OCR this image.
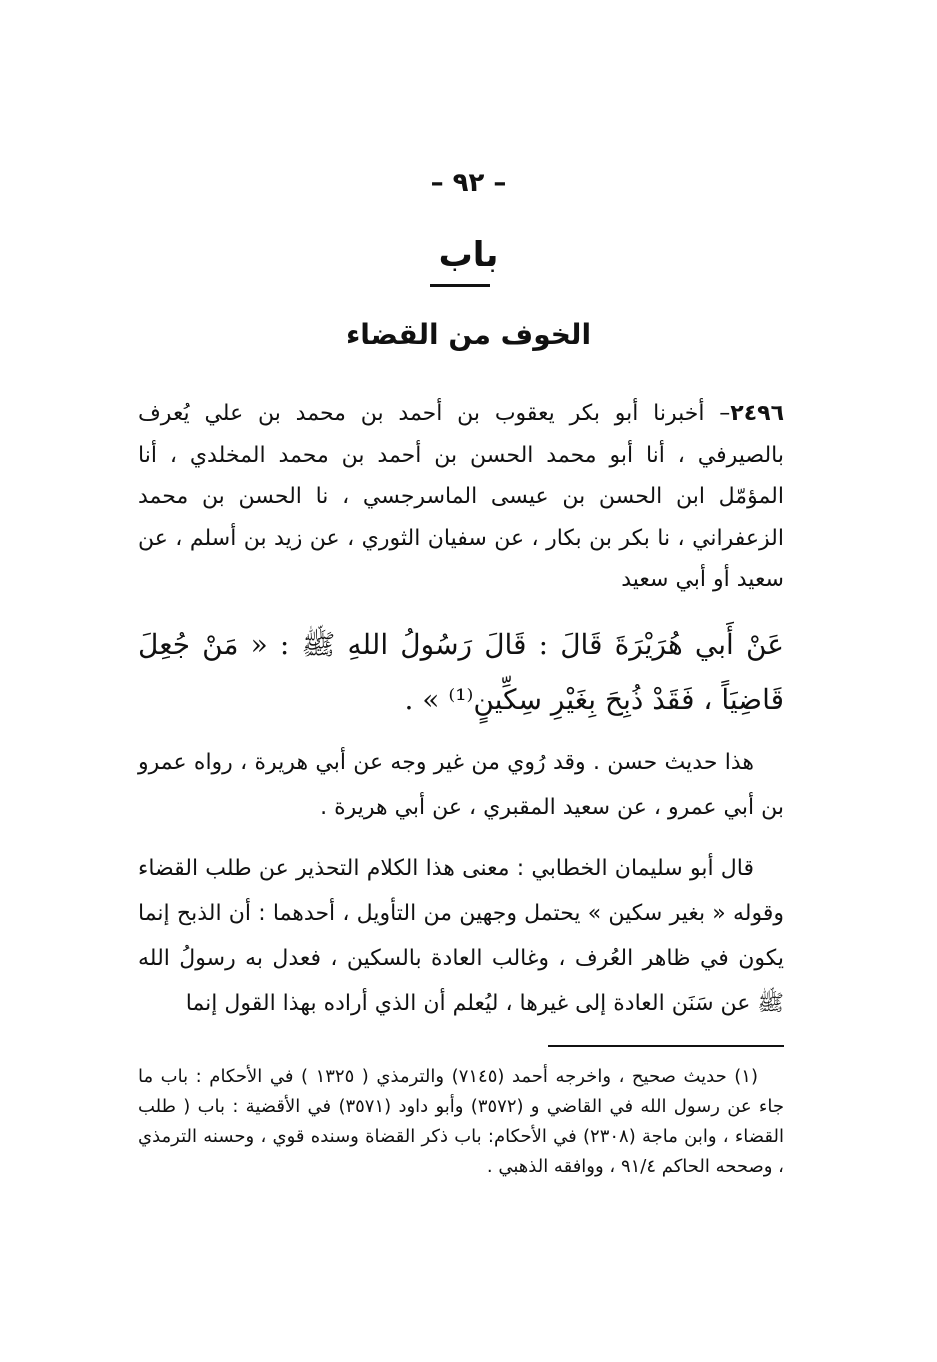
– ٩٢ –
باب
الخوف من القضاء

٢٤٩٦– أخبرنا أبو بكر يعقوب بن أحمد بن محمد بن علي يُعرف بالصيرفي ، أنا أبو محمد الحسن بن أحمد بن محمد المخلدي ، أنا المؤمّل ابن الحسن بن عيسى الماسرجسي ، نا الحسن بن محمد الزعفراني ، نا بكر بن بكار ، عن سفيان الثوري ، عن زيد بن أسلم ، عن سعيد أو أبي سعيد

عَنْ أَبي هُرَيْرَةَ قَالَ : قَالَ رَسُولُ اللهِ ﷺ : « مَنْ جُعِلَ قَاضِيَاً ، فَقَدْ ذُبِحَ بِغَيْرِ سِكِّينٍ⁽¹⁾ » .

هذا حديث حسن . وقد رُوي من غير وجه عن أبي هريرة ، رواه عمرو بن أبي عمرو ، عن سعيد المقبري ، عن أبي هريرة .

قال أبو سليمان الخطابي : معنى هذا الكلام التحذير عن طلب القضاء وقوله « بغير سكين » يحتمل وجهين من التأويل ، أحدهما : أن الذبح إنما يكون في ظاهر العُرف ، وغالب العادة بالسكين ، فعدل به رسولُ الله ﷺ عن سَنَن العادة إلى غيرها ، ليُعلم أن الذي أراده بهذا القول إنما

(١) حديث صحيح ، واخرجه أحمد (٧١٤٥) والترمذي ( ١٣٢٥ ) في الأحكام : باب ما جاء عن رسول الله في القاضي و (٣٥٧٢) وأبو داود (٣٥٧١) في الأقضية : باب ( طلب القضاء ، وابن ماجة (٢٣٠٨) في الأحكام: باب ذكر القضاة وسنده قوي ، وحسنه الترمذي ، وصححه الحاكم ٩١/٤ ، ووافقه الذهبي .
